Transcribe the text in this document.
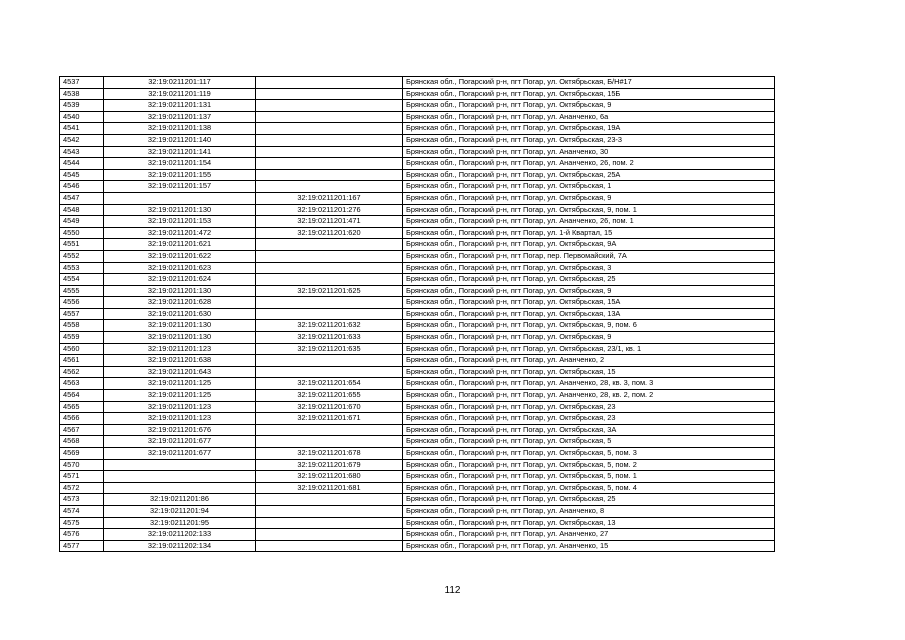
4537	32:19:0211201:117		Брянская обл., Погарский р-н, пгт Погар, ул. Октябрьская, Б/Н#17
4538	32:19:0211201:119		Брянская обл., Погарский р-н, пгт Погар, ул. Октябрьская, 15Б
4539	32:19:0211201:131		Брянская обл., Погарский р-н, пгт Погар, ул. Октябрьская, 9
4540	32:19:0211201:137		Брянская обл., Погарский р-н, пгт Погар, ул. Ананченко, 6а
4541	32:19:0211201:138		Брянская обл., Погарский р-н, пгт Погар, ул. Октябрьская, 19А
4542	32:19:0211201:140		Брянская обл., Погарский р-н, пгт Погар, ул. Октябрьская, 23-3
4543	32:19:0211201:141		Брянская обл., Погарский р-н, пгт Погар, ул. Ананченко, 30
4544	32:19:0211201:154		Брянская обл., Погарский р-н, пгт Погар, ул. Ананченко, 26, пом. 2
4545	32:19:0211201:155		Брянская обл., Погарский р-н, пгт Погар, ул. Октябрьская, 25А
4546	32:19:0211201:157		Брянская обл., Погарский р-н, пгт Погар, ул. Октябрьская, 1
4547		32:19:0211201:167	Брянская обл., Погарский р-н, пгт Погар, ул. Октябрьская, 9
4548	32:19:0211201:130	32:19:0211201:276	Брянская обл., Погарский р-н, пгт Погар, ул. Октябрьская, 9, пом. 1
4549	32:19:0211201:153	32:19:0211201:471	Брянская обл., Погарский р-н, пгт Погар, ул. Ананченко, 26, пом. 1
4550	32:19:0211201:472	32:19:0211201:620	Брянская обл., Погарский р-н, пгт Погар, ул. 1-й Квартал, 15
4551	32:19:0211201:621		Брянская обл., Погарский р-н, пгт Погар, ул. Октябрьская, 9А
4552	32:19:0211201:622		Брянская обл., Погарский р-н, пгт Погар, пер. Первомайский, 7А
4553	32:19:0211201:623		Брянская обл., Погарский р-н, пгт Погар, ул. Октябрьская, 3
4554	32:19:0211201:624		Брянская обл., Погарский р-н, пгт Погар, ул. Октябрьская, 25
4555	32:19:0211201:130	32:19:0211201:625	Брянская обл., Погарский р-н, пгт Погар, ул. Октябрьская, 9
4556	32:19:0211201:628		Брянская обл., Погарский р-н, пгт Погар, ул. Октябрьская, 15А
4557	32:19:0211201:630		Брянская обл., Погарский р-н, пгт Погар, ул. Октябрьская, 13А
4558	32:19:0211201:130	32:19:0211201:632	Брянская обл., Погарский р-н, пгт Погар, ул. Октябрьская, 9, пом. 6
4559	32:19:0211201:130	32:19:0211201:633	Брянская обл., Погарский р-н, пгт Погар, ул. Октябрьская, 9
4560	32:19:0211201:123	32:19:0211201:635	Брянская обл., Погарский р-н, пгт Погар, ул. Октябрьская, 23/1, кв. 1
4561	32:19:0211201:638		Брянская обл., Погарский р-н, пгт Погар, ул. Ананченко, 2
4562	32:19:0211201:643		Брянская обл., Погарский р-н, пгт Погар, ул. Октябрьская, 15
4563	32:19:0211201:125	32:19:0211201:654	Брянская обл., Погарский р-н, пгт Погар, ул. Ананченко, 28, кв. 3, пом. 3
4564	32:19:0211201:125	32:19:0211201:655	Брянская обл., Погарский р-н, пгт Погар, ул. Ананченко, 28, кв. 2, пом. 2
4565	32:19:0211201:123	32:19:0211201:670	Брянская обл., Погарский р-н, пгт Погар, ул. Октябрьская, 23
4566	32:19:0211201:123	32:19:0211201:671	Брянская обл., Погарский р-н, пгт Погар, ул. Октябрьская, 23
4567	32:19:0211201:676		Брянская обл., Погарский р-н, пгт Погар, ул. Октябрьская, 3А
4568	32:19:0211201:677		Брянская обл., Погарский р-н, пгт Погар, ул. Октябрьская, 5
4569	32:19:0211201:677	32:19:0211201:678	Брянская обл., Погарский р-н, пгт Погар, ул. Октябрьская, 5, пом. 3
4570		32:19:0211201:679	Брянская обл., Погарский р-н, пгт Погар, ул. Октябрьская, 5, пом. 2
4571		32:19:0211201:680	Брянская обл., Погарский р-н, пгт Погар, ул. Октябрьская, 5, пом. 1
4572		32:19:0211201:681	Брянская обл., Погарский р-н, пгт Погар, ул. Октябрьская, 5, пом. 4
4573	32:19:0211201:86		Брянская обл., Погарский р-н, пгт Погар, ул. Октябрьская, 25
4574	32:19:0211201:94		Брянская обл., Погарский р-н, пгт Погар, ул. Ананченко, 8
4575	32:19:0211201:95		Брянская обл., Погарский р-н, пгт Погар, ул. Октябрьская, 13
4576	32:19:0211202:133		Брянская обл., Погарский р-н, пгт Погар, ул. Ананченко, 27
4577	32:19:0211202:134		Брянская обл., Погарский р-н, пгт Погар, ул. Ананченко, 15
112
